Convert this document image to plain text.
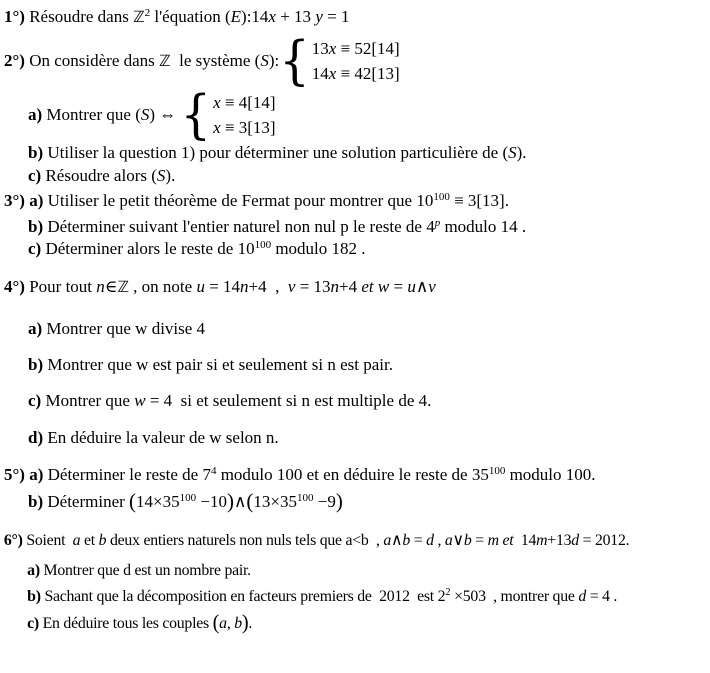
1°) Résoudre dans ℤ$^2$ l'équation (E):14x + 13 y = 1
2°) On considère dans ℤ le système ( S ): { 13x ≡ 52[14]
14x ≡ 42[13]
a) Montrer que ( S ) ⇔ { x ≡ 4[14]
x ≡ 3[13]
b) Utiliser la question 1) pour déterminer une solution particulière de (S).
c) Résoudre alors (S).
3°) a) Utiliser le petit théorème de Fermat pour montrer que $10^{100} \equiv 3[13]$.
b) Déterminer suivant l'entier naturel non nul p le reste de 4$^p$ modulo 14 .
c) Déterminer alors le reste de $10^{100}$ modulo 182 .
4°) Pour tout n∈ℤ , on note u = 14n+4  ,  v = 13n+4 et w = u∧v
a) Montrer que w divise 4
b) Montrer que w est pair si et seulement si n est pair.
c) Montrer que w = 4  si et seulement si n est multiple de 4.
d) En déduire la valeur de w selon n.
5°) a) Déterminer le reste de $7^4$ modulo 100 et en déduire le reste de $35^{100}$ modulo 100.
b) Déterminer ($14\times 35^{100}$ $-10)\wedge(13\times 35^{100} -9)$
6°) Soient  a et b deux entiers naturels non nuls tels que a<b  , a∧b = d , a∨b = m et  14m+13d = 2012.
a) Montrer que d est un nombre pair.
b) Sachant que la décomposition en facteurs premiers de  2012  est $2^2 \times 503$  , montrer que d = 4 .
c) En déduire tous les couples (a, b).
